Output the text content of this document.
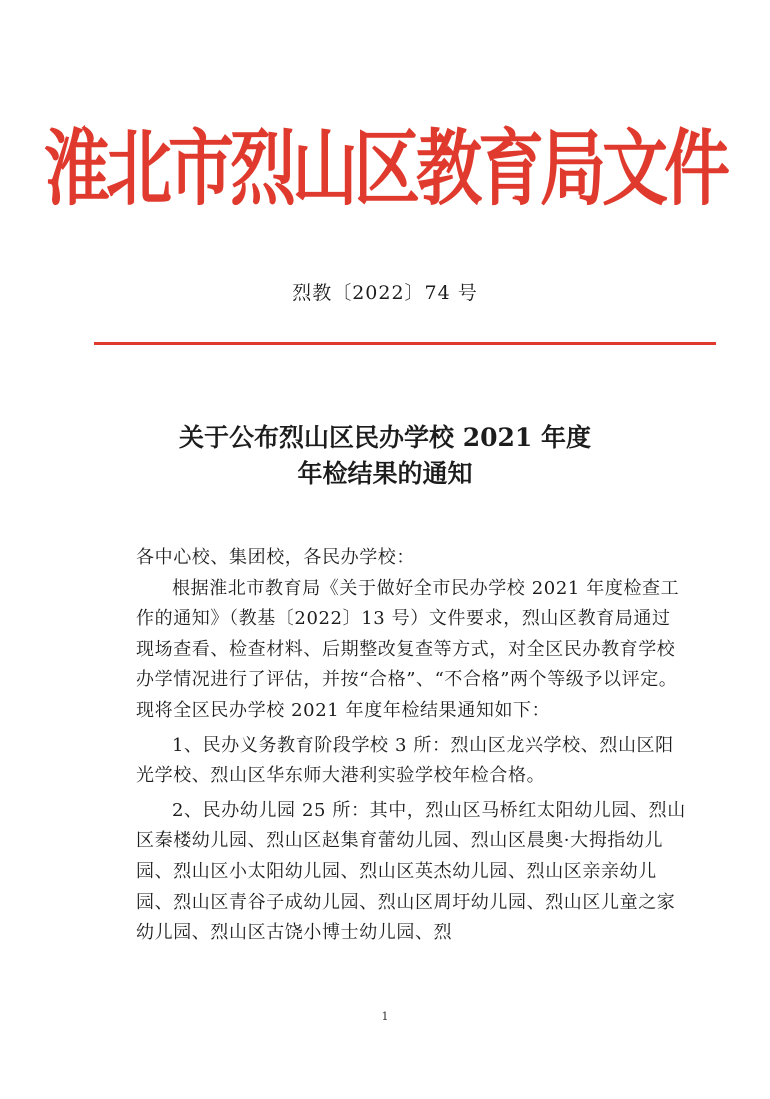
淮北市烈山区教育局文件
烈教〔2022〕74 号
关于公布烈山区民办学校 2021 年度
年检结果的通知

各中心校、集团校，各民办学校：

根据淮北市教育局《关于做好全市民办学校 2021 年度检查工作的通知》（教基〔2022〕13 号）文件要求，烈山区教育局通过现场查看、检查材料、后期整改复查等方式，对全区民办教育学校办学情况进行了评估，并按“合格”、“不合格”两个等级予以评定。现将全区民办学校 2021 年度年检结果通知如下：

1、民办义务教育阶段学校 3 所：烈山区龙兴学校、烈山区阳光学校、烈山区华东师大港利实验学校年检合格。

2、民办幼儿园 25 所：其中，烈山区马桥红太阳幼儿园、烈山区秦楼幼儿园、烈山区赵集育蕾幼儿园、烈山区晨奥·大拇指幼儿园、烈山区小太阳幼儿园、烈山区英杰幼儿园、烈山区亲亲幼儿园、烈山区青谷子成幼儿园、烈山区周圩幼儿园、烈山区儿童之家幼儿园、烈山区古饶小博士幼儿园、烈

1
